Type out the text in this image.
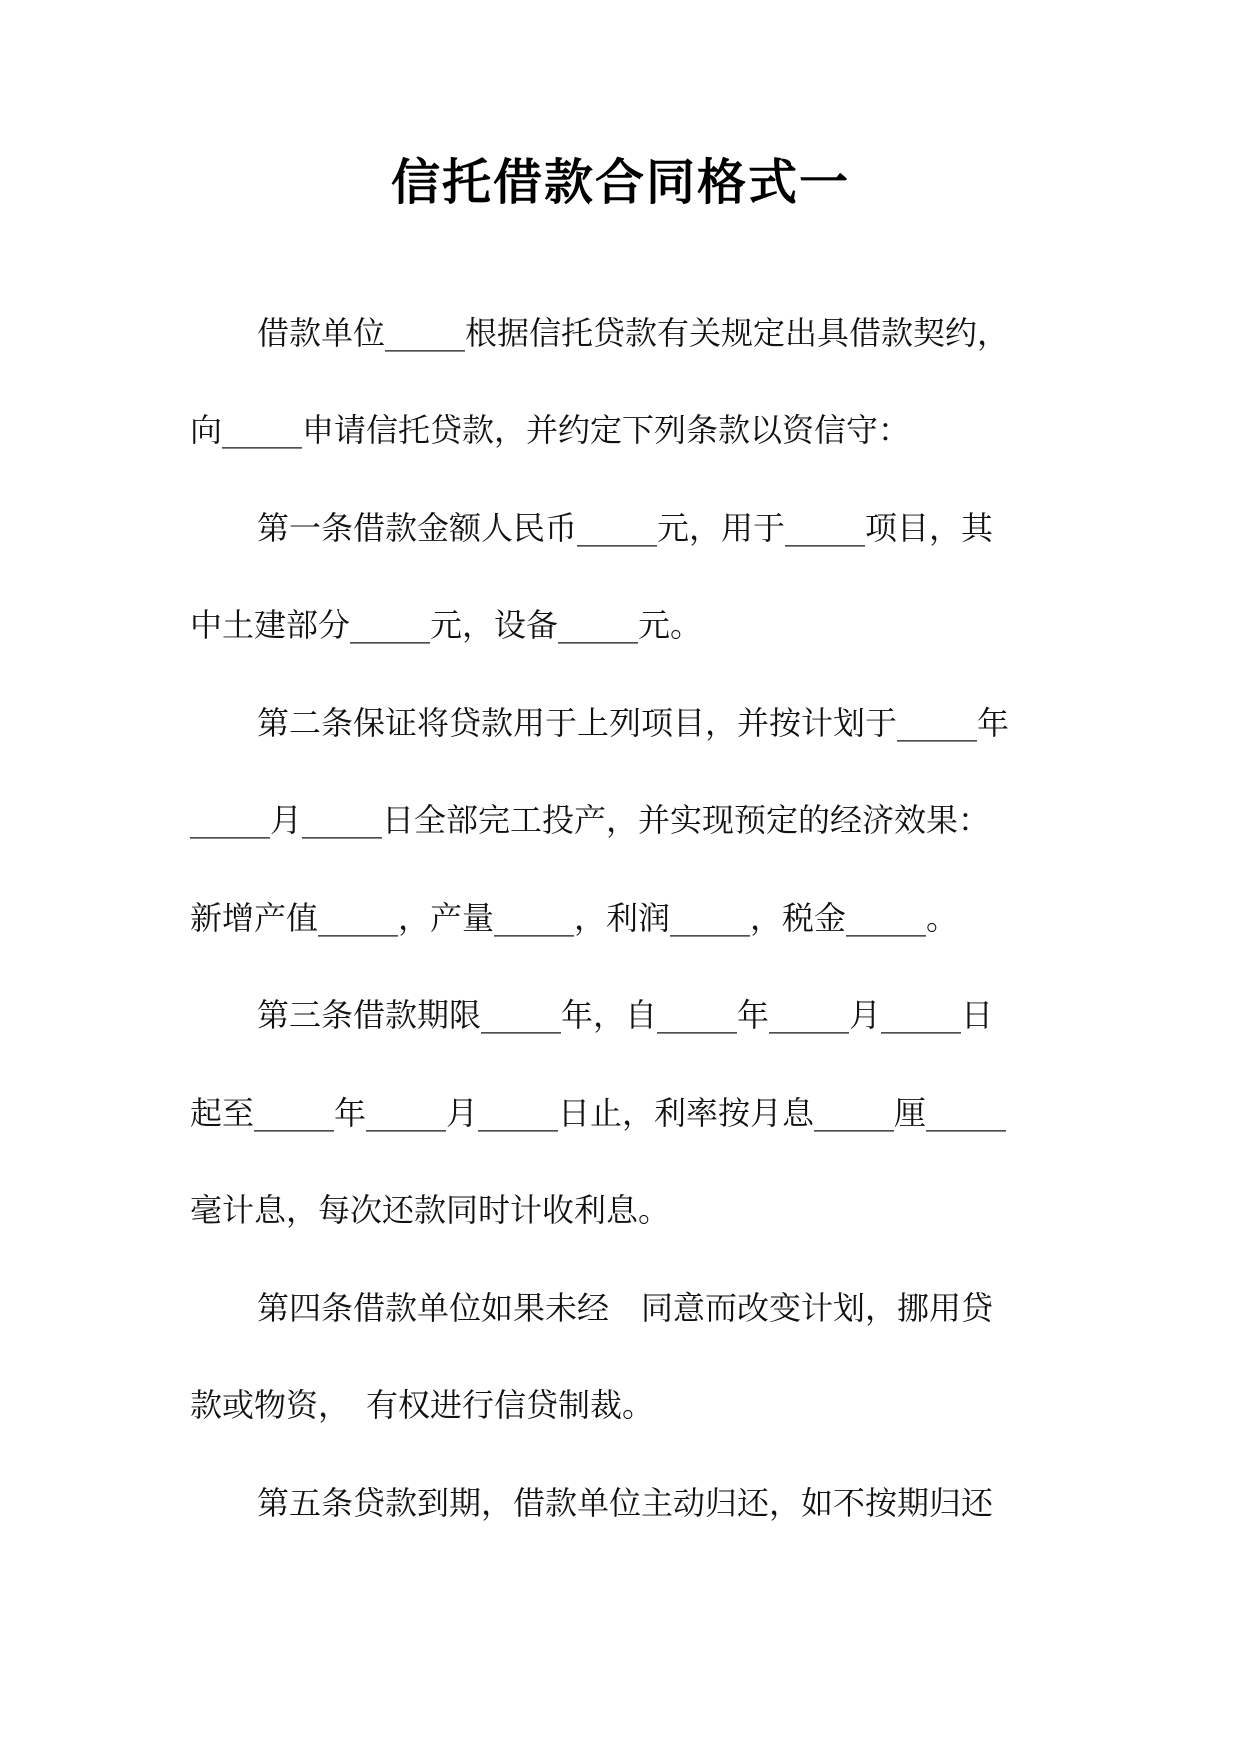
信托借款合同格式一
借款单位_____根据信托贷款有关规定出具借款契约，
向_____申请信托贷款，并约定下列条款以资信守：
第一条借款金额人民币_____元，用于_____项目，其
中土建部分_____元，设备_____元。
第二条保证将贷款用于上列项目，并按计划于_____年
_____月_____日全部完工投产，并实现预定的经济效果：
新增产值_____，产量_____，利润_____，税金_____。
第三条借款期限_____年，自_____年_____月_____日
起至_____年_____月_____日止，利率按月息_____厘_____
毫计息，每次还款同时计收利息。
第四条借款单位如果未经　同意而改变计划，挪用贷
款或物资，　有权进行信贷制裁。
第五条贷款到期，借款单位主动归还，如不按期归还
